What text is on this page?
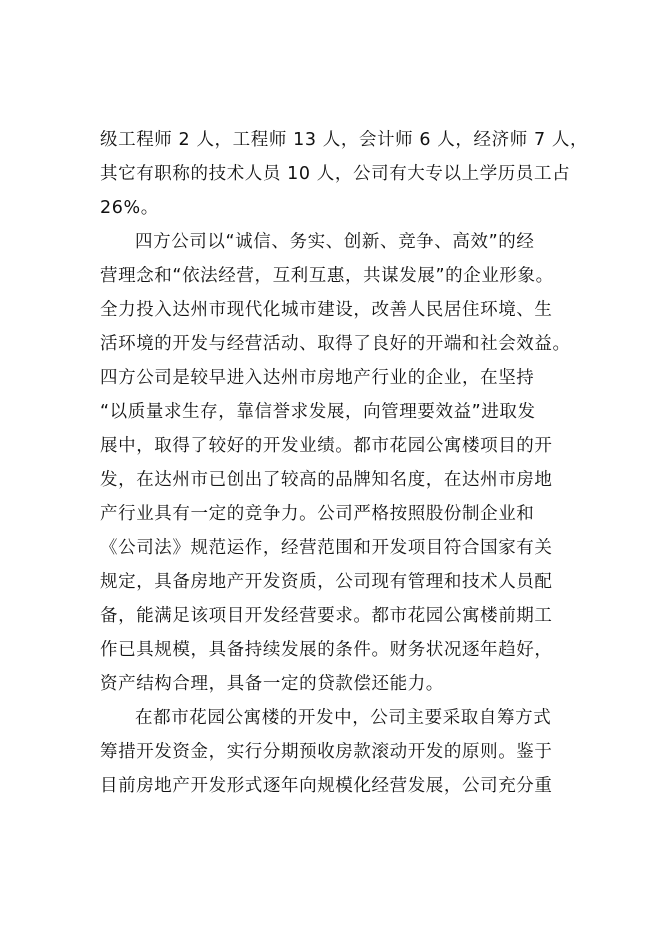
级工程师 2 人，工程师 13 人，会计师 6 人，经济师 7 人，
其它有职称的技术人员 10 人，公司有大专以上学历员工占
26%。
四方公司以“诚信、务实、创新、竞争、高效”的经
营理念和“依法经营，互利互惠，共谋发展”的企业形象。
全力投入达州市现代化城市建设，改善人民居住环境、生
活环境的开发与经营活动、取得了良好的开端和社会效益。
四方公司是较早进入达州市房地产行业的企业，在坚持
“以质量求生存，靠信誉求发展，向管理要效益”进取发
展中，取得了较好的开发业绩。都市花园公寓楼项目的开
发，在达州市已创出了较高的品牌知名度，在达州市房地
产行业具有一定的竞争力。公司严格按照股份制企业和
《公司法》规范运作，经营范围和开发项目符合国家有关
规定，具备房地产开发资质，公司现有管理和技术人员配
备，能满足该项目开发经营要求。都市花园公寓楼前期工
作已具规模，具备持续发展的条件。财务状况逐年趋好，
资产结构合理，具备一定的贷款偿还能力。
在都市花园公寓楼的开发中，公司主要采取自筹方式
筹措开发资金，实行分期预收房款滚动开发的原则。鉴于
目前房地产开发形式逐年向规模化经营发展，公司充分重
